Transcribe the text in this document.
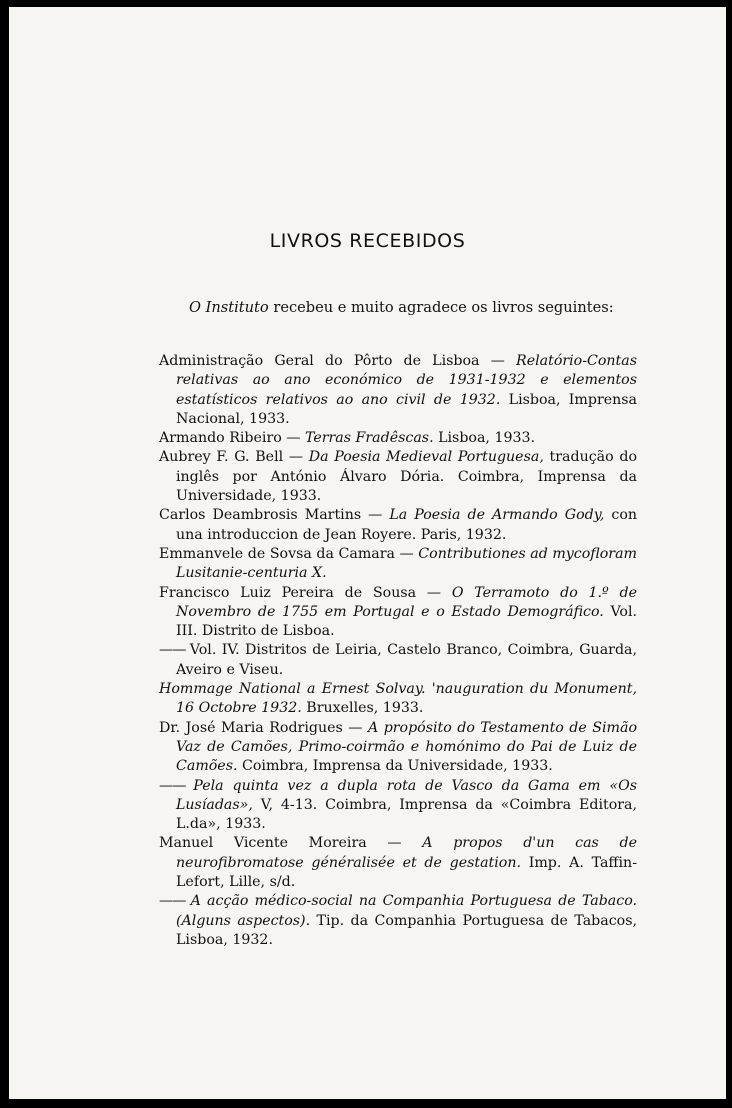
LIVROS RECEBIDOS
O Instituto recebeu e muito agradece os livros seguintes:

Administração Geral do Pôrto de Lisboa — Relatório-Contas relativas ao ano económico de 1931-1932 e elementos estatísticos relativos ao ano civil de 1932. Lisboa, Imprensa Nacional, 1933.

Armando Ribeiro — Terras Fradêscas. Lisboa, 1933.

Aubrey F. G. Bell — Da Poesia Medieval Portuguesa, tradução do inglês por António Álvaro Dória. Coimbra, Imprensa da Universidade, 1933.

Carlos Deambrosis Martins — La Poesia de Armando Gody, con una introduccion de Jean Royere. Paris, 1932.

Emmanvele de Sovsa da Camara — Contributiones ad mycofloram Lusitanie-centuria X.

Francisco Luiz Pereira de Sousa — O Terramoto do 1.º de Novembro de 1755 em Portugal e o Estado Demográfico. Vol. III. Distrito de Lisboa.

—— Vol. IV. Distritos de Leiria, Castelo Branco, Coimbra, Guarda, Aveiro e Viseu.

Hommage National a Ernest Solvay. 'nauguration du Monument, 16 Octobre 1932. Bruxelles, 1933.

Dr. José Maria Rodrigues — A propósito do Testamento de Simão Vaz de Camões, Primo-coirmão e homónimo do Pai de Luiz de Camões. Coimbra, Imprensa da Universidade, 1933.

—— Pela quinta vez a dupla rota de Vasco da Gama em «Os Lusíadas», V, 4-13. Coimbra, Imprensa da «Coimbra Editora, L.da», 1933.

Manuel Vicente Moreira — A propos d'un cas de neurofibromatose généralisée et de gestation. Imp. A. Taffin-Lefort, Lille, s/d.

—— A acção médico-social na Companhia Portuguesa de Tabaco. (Alguns aspectos). Tip. da Companhia Portuguesa de Tabacos, Lisboa, 1932.
